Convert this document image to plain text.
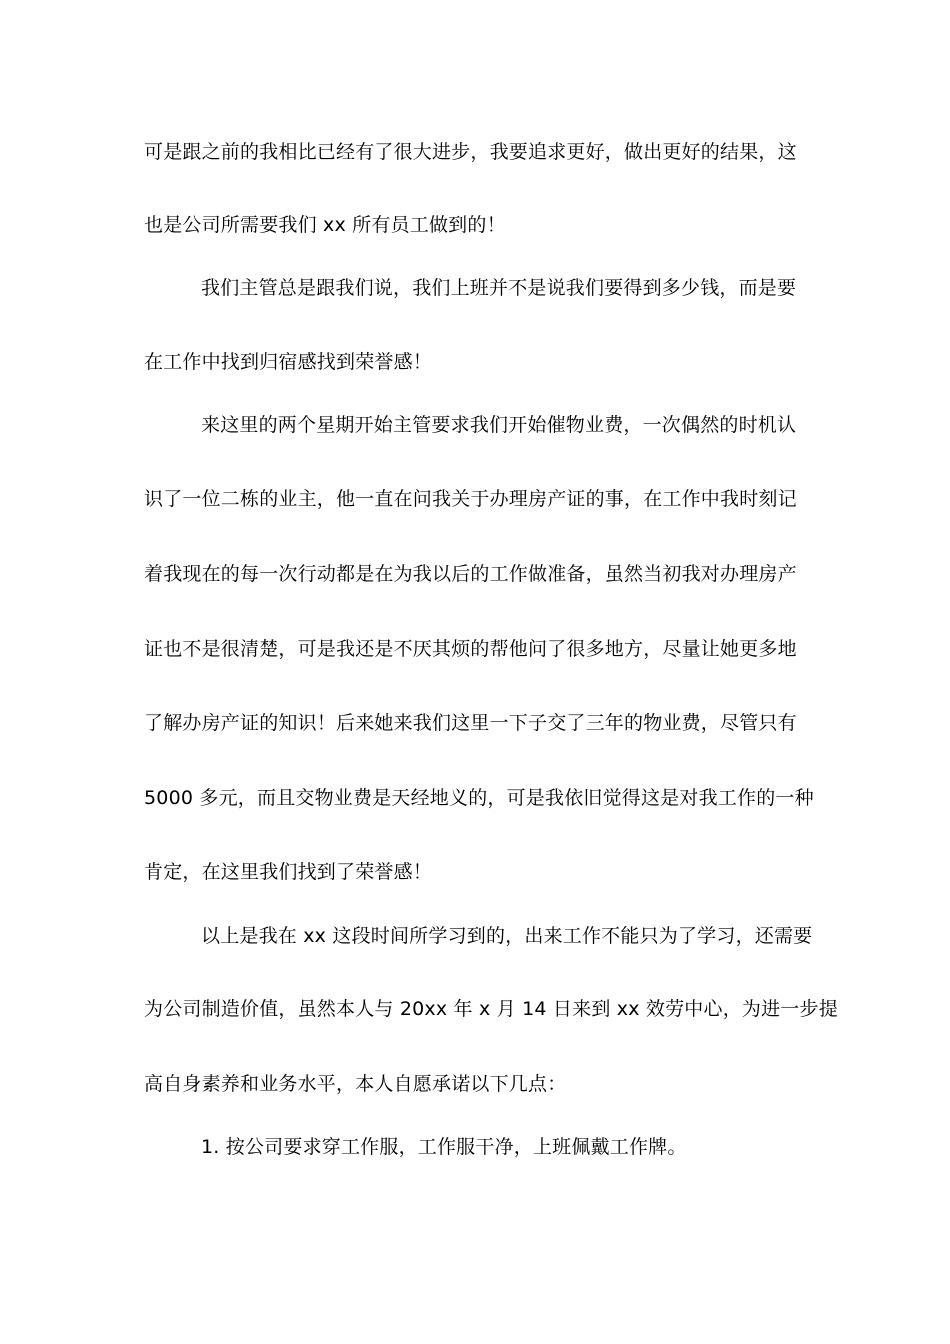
可是跟之前的我相比已经有了很大进步，我要追求更好，做出更好的结果，这
也是公司所需要我们 xx 所有员工做到的！
我们主管总是跟我们说，我们上班并不是说我们要得到多少钱，而是要
在工作中找到归宿感找到荣誉感！
来这里的两个星期开始主管要求我们开始催物业费，一次偶然的时机认
识了一位二栋的业主，他一直在问我关于办理房产证的事，在工作中我时刻记
着我现在的每一次行动都是在为我以后的工作做准备，虽然当初我对办理房产
证也不是很清楚，可是我还是不厌其烦的帮他问了很多地方，尽量让她更多地
了解办房产证的知识！后来她来我们这里一下子交了三年的物业费，尽管只有
5000 多元，而且交物业费是天经地义的，可是我依旧觉得这是对我工作的一种
肯定，在这里我们找到了荣誉感！
以上是我在 xx 这段时间所学习到的，出来工作不能只为了学习，还需要
为公司制造价值，虽然本人与 20xx 年 x 月 14 日来到 xx 效劳中心，为进一步提
高自身素养和业务水平，本人自愿承诺以下几点：
1. 按公司要求穿工作服，工作服干净，上班佩戴工作牌。
